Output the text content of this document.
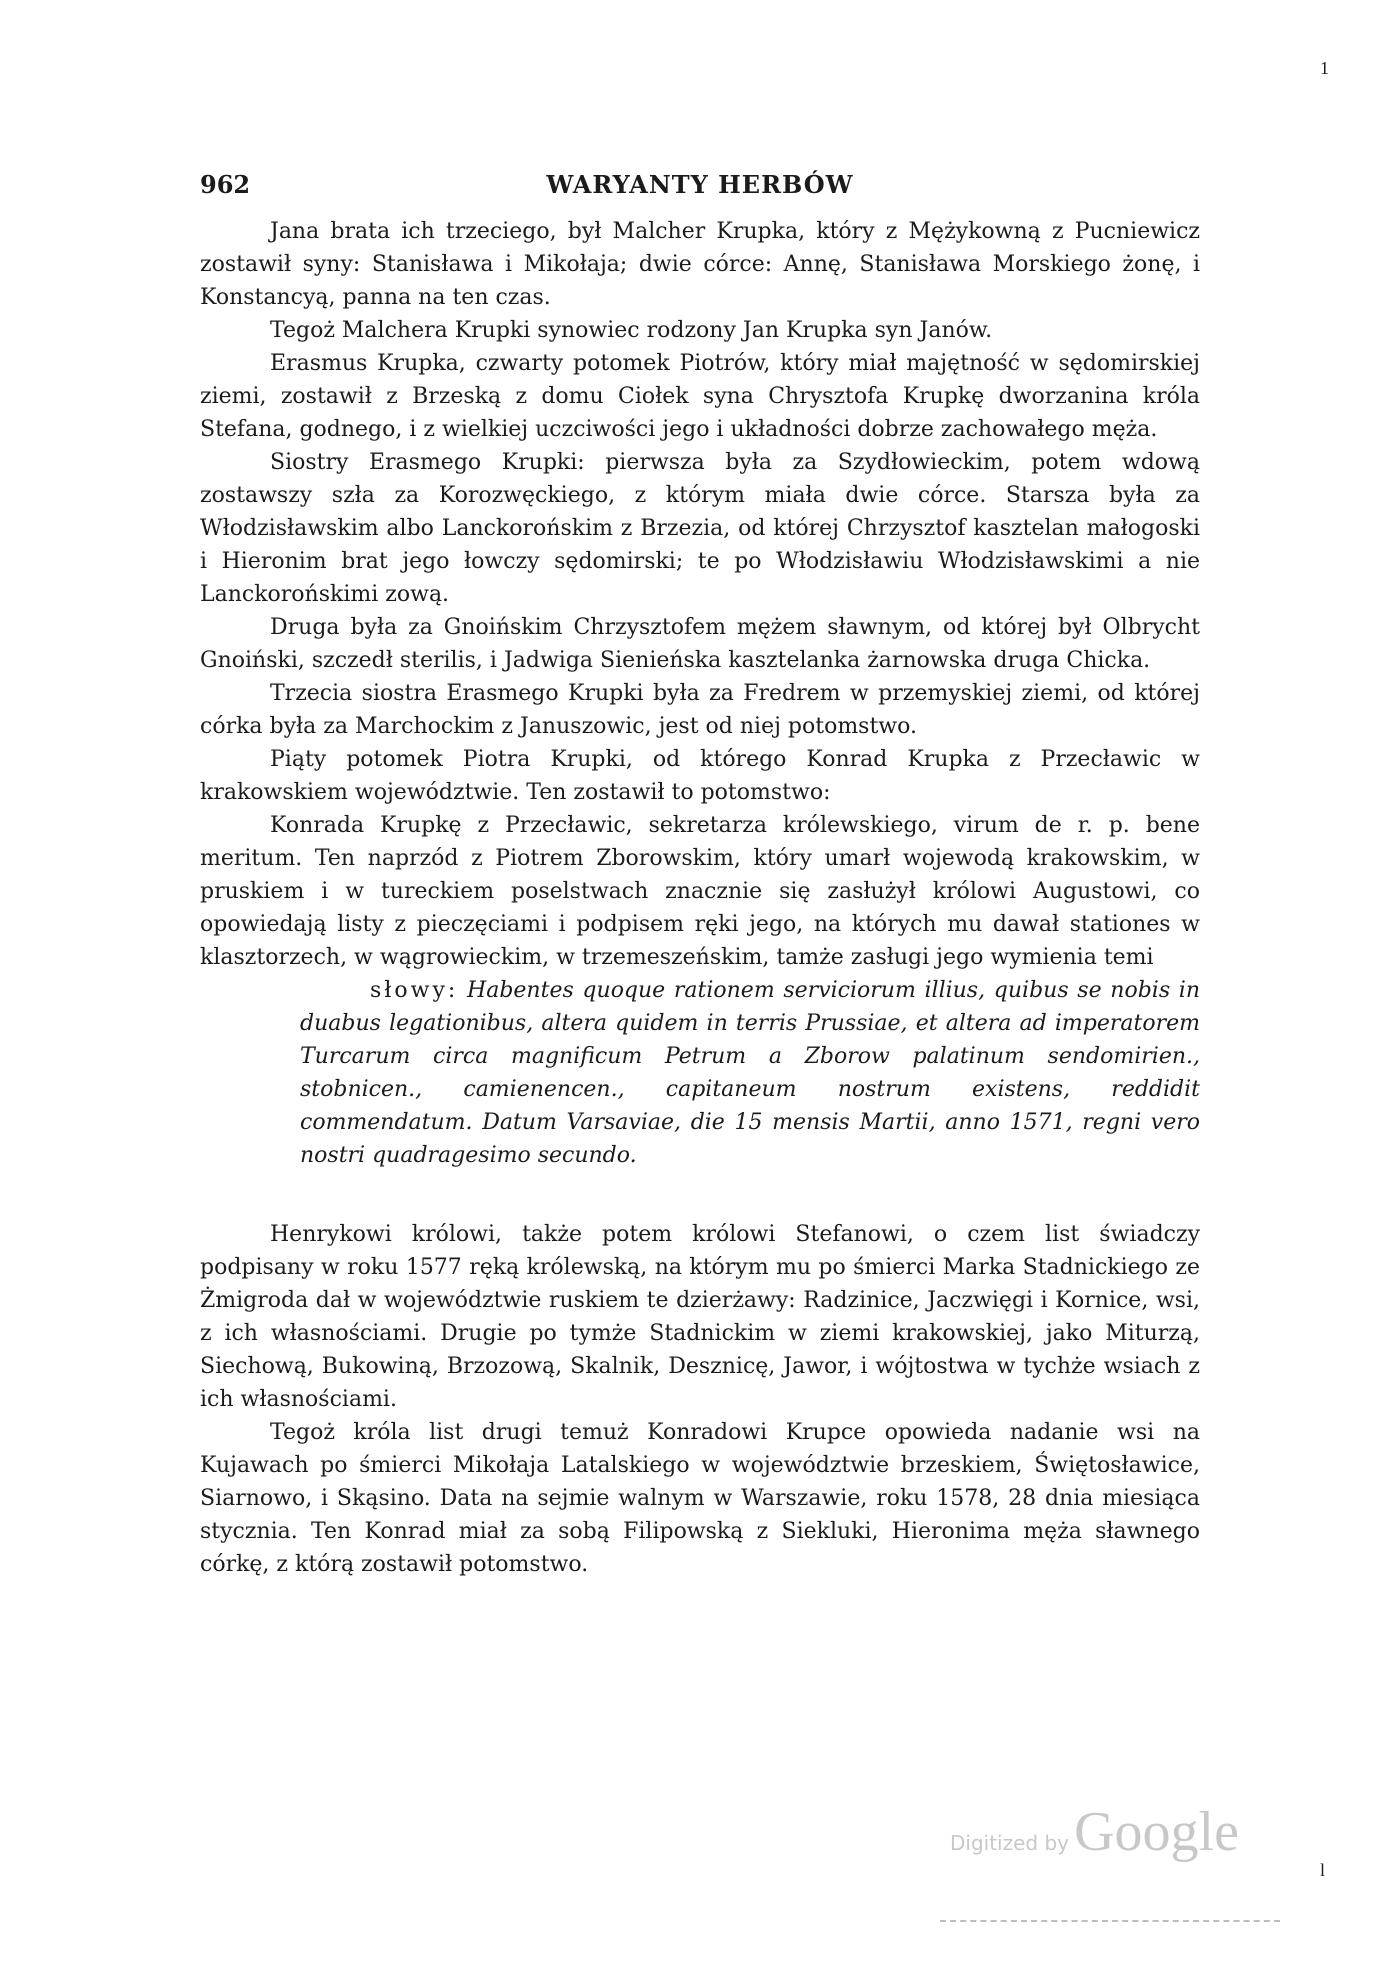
1
962	WARYANTY HERBÓW

Jana brata ich trzeciego, był Malcher Krupka, który z Mężykowną z Pucniewicz zostawił syny: Stanisława i Mikołaja; dwie córce: Annę, Stanisława Morskiego żonę, i Konstancyą, panna na ten czas.

Tegoż Malchera Krupki synowiec rodzony Jan Krupka syn Janów.

Erasmus Krupka, czwarty potomek Piotrów, który miał majętność w sędomirskiej ziemi, zostawił z Brzeską z domu Ciołek syna Chrysztofa Krupkę dworzanina króla Stefana, godnego, i z wielkiej uczciwości jego i układności dobrze zachowałego męża.

Siostry Erasmego Krupki: pierwsza była za Szydłowieckim, potem wdową zostawszy szła za Korozwęckiego, z którym miała dwie córce. Starsza była za Włodzisławskim albo Lanckorońskim z Brzezia, od której Chrzysztof kasztelan małogoski i Hieronim brat jego łowczy sędomirski; te po Włodzisławiu Włodzisławskimi a nie Lanckorońskimi zową.

Druga była za Gnoińskim Chrzysztofem mężem sławnym, od której był Olbrycht Gnoiński, szczedł sterilis, i Jadwiga Sienieńska kasztelanka żarnowska druga Chicka.

Trzecia siostra Erasmego Krupki była za Fredrem w przemyskiej ziemi, od której córka była za Marchockim z Januszowic, jest od niej potomstwo.

Piąty potomek Piotra Krupki, od którego Konrad Krupka z Przecławic w krakowskiem województwie. Ten zostawił to potomstwo:

Konrada Krupkę z Przecławic, sekretarza królewskiego, virum de r. p. bene meritum. Ten naprzód z Piotrem Zborowskim, który umarł wojewodą krakowskim, w pruskiem i w tureckiem poselstwach znacznie się zasłużył królowi Augustowi, co opowiedają listy z pieczęciami i podpisem ręki jego, na których mu dawał stationes w klasztorzech, w wągrowieckim, w trzemeszeńskim, tamże zasługi jego wymienia temi

słowy: Habentes quoque rationem serviciorum illius, quibus se nobis in duabus legationibus, altera quidem in terris Prussiae, et altera ad imperatorem Turcarum circa magnificum Petrum a Zborow palatinum sendomirien., stobnicen., camienencen., capitaneum nostrum existens, reddidit commendatum. Datum Varsaviae, die 15 mensis Martii, anno 1571, regni vero nostri quadragesimo secundo.

Henrykowi królowi, także potem królowi Stefanowi, o czem list świadczy podpisany w roku 1577 ręką królewską, na którym mu po śmierci Marka Stadnickiego ze Żmigroda dał w województwie ruskiem te dzierżawy: Radzinice, Jaczwięgi i Kornice, wsi, z ich własnościami. Drugie po tymże Stadnickim w ziemi krakowskiej, jako Miturzą, Siechową, Bukowiną, Brzozową, Skalnik, Desznicę, Jawor, i wójtostwa w tychże wsiach z ich własnościami.

Tegoż króla list drugi temuż Konradowi Krupce opowieda nadanie wsi na Kujawach po śmierci Mikołaja Latalskiego w województwie brzeskiem, Świętosławice, Siarnowo, i Skąsino. Data na sejmie walnym w Warszawie, roku 1578, 28 dnia miesiąca stycznia. Ten Konrad miał za sobą Filipowską z Siekluki, Hieronima męża sławnego córkę, z którą zostawił potomstwo.

Digitized by Google
l
